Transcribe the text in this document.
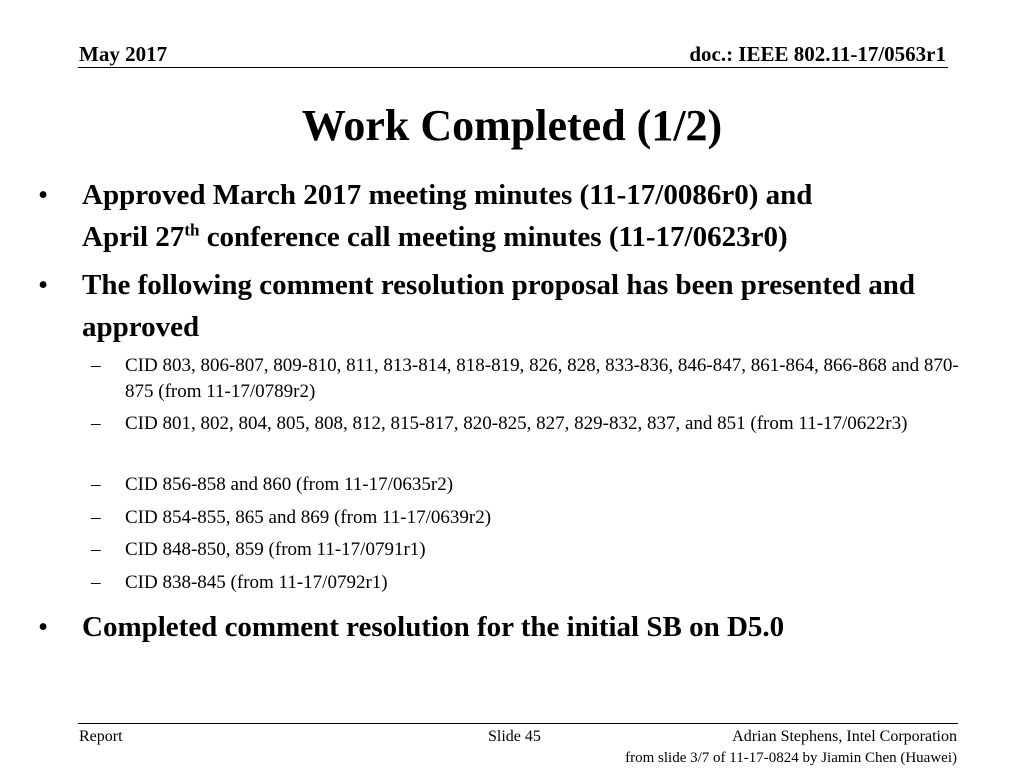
May 2017	doc.: IEEE 802.11-17/0563r1
Work Completed (1/2)
• Approved March 2017 meeting minutes (11-17/0086r0) and
April 27th conference call meeting minutes (11-17/0623r0)
• The following comment resolution proposal has been presented and approved
– CID 803, 806-807, 809-810, 811, 813-814, 818-819, 826, 828, 833-836, 846-847, 861-864, 866-868 and 870-875 (from 11-17/0789r2)
– CID 801, 802, 804, 805, 808, 812, 815-817, 820-825, 827, 829-832, 837, and 851 (from 11-17/0622r3)
– CID 856-858 and 860 (from 11-17/0635r2)
– CID 854-855, 865 and 869 (from 11-17/0639r2)
– CID 848-850, 859 (from 11-17/0791r1)
– CID 838-845 (from 11-17/0792r1)
• Completed comment resolution for the initial SB on D5.0
Report	Slide 45	Adrian Stephens, Intel Corporation
from slide 3/7 of 11-17-0824 by Jiamin Chen (Huawei)
